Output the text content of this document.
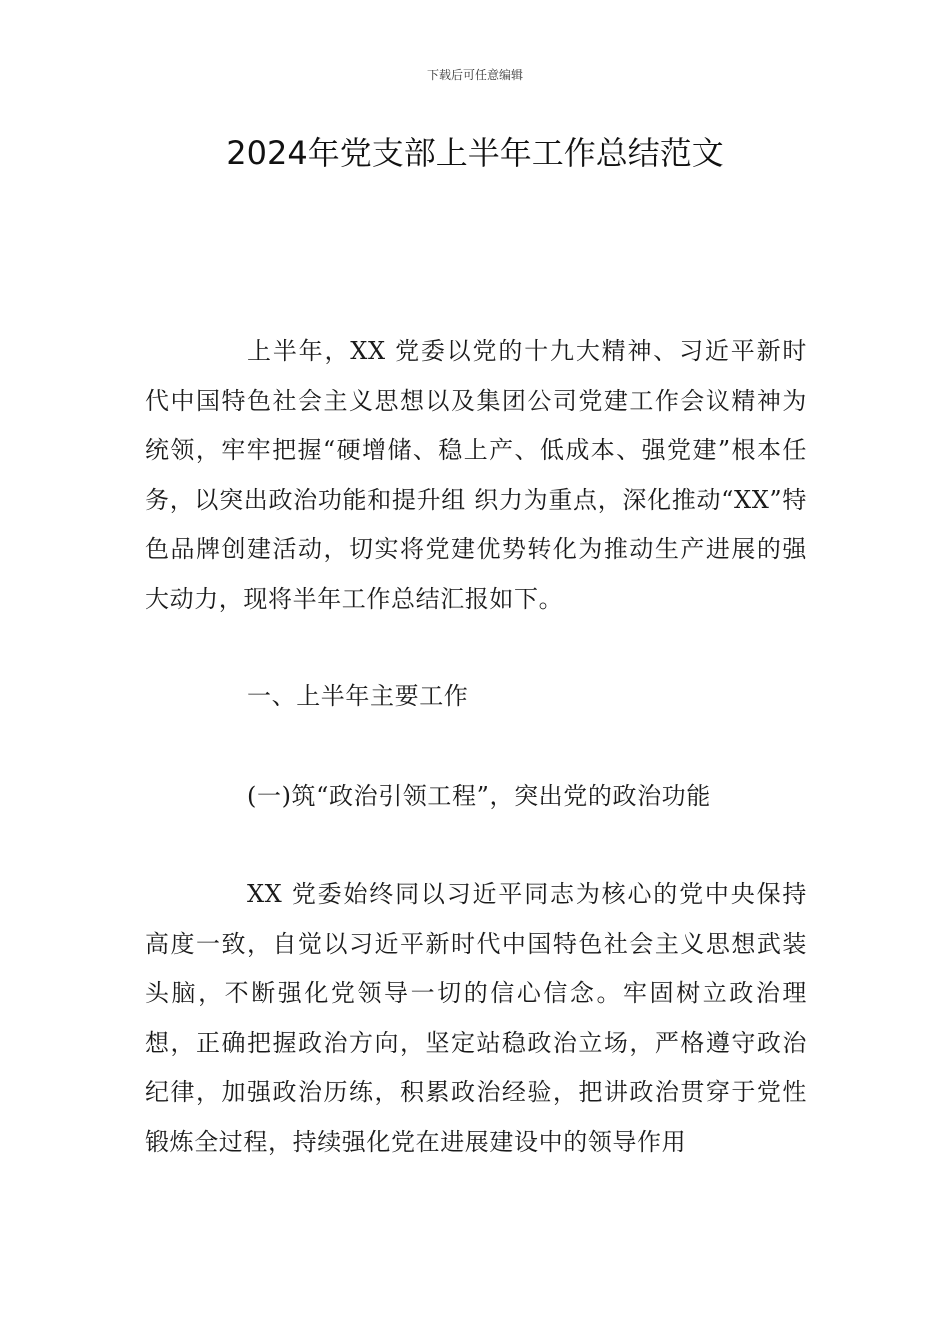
下载后可任意编辑
2024年党支部上半年工作总结范文

上半年，XX 党委以党的十九大精神、习近平新时代中国特色社会主义思想以及集团公司党建工作会议精神为统领，牢牢把握“硬增储、稳上产、低成本、强党建”根本任务，以突出政治功能和提升组 织力为重点，深化推动“XX”特色品牌创建活动，切实将党建优势转化为推动生产进展的强大动力，现将半年工作总结汇报如下。

一、上半年主要工作

(一)筑“政治引领工程”，突出党的政治功能

XX 党委始终同以习近平同志为核心的党中央保持高度一致，自觉以习近平新时代中国特色社会主义思想武装头脑，不断强化党领导一切的信心信念。牢固树立政治理想，正确把握政治方向，坚定站稳政治立场，严格遵守政治纪律，加强政治历练，积累政治经验，把讲政治贯穿于党性锻炼全过程，持续强化党在进展建设中的领导作用
